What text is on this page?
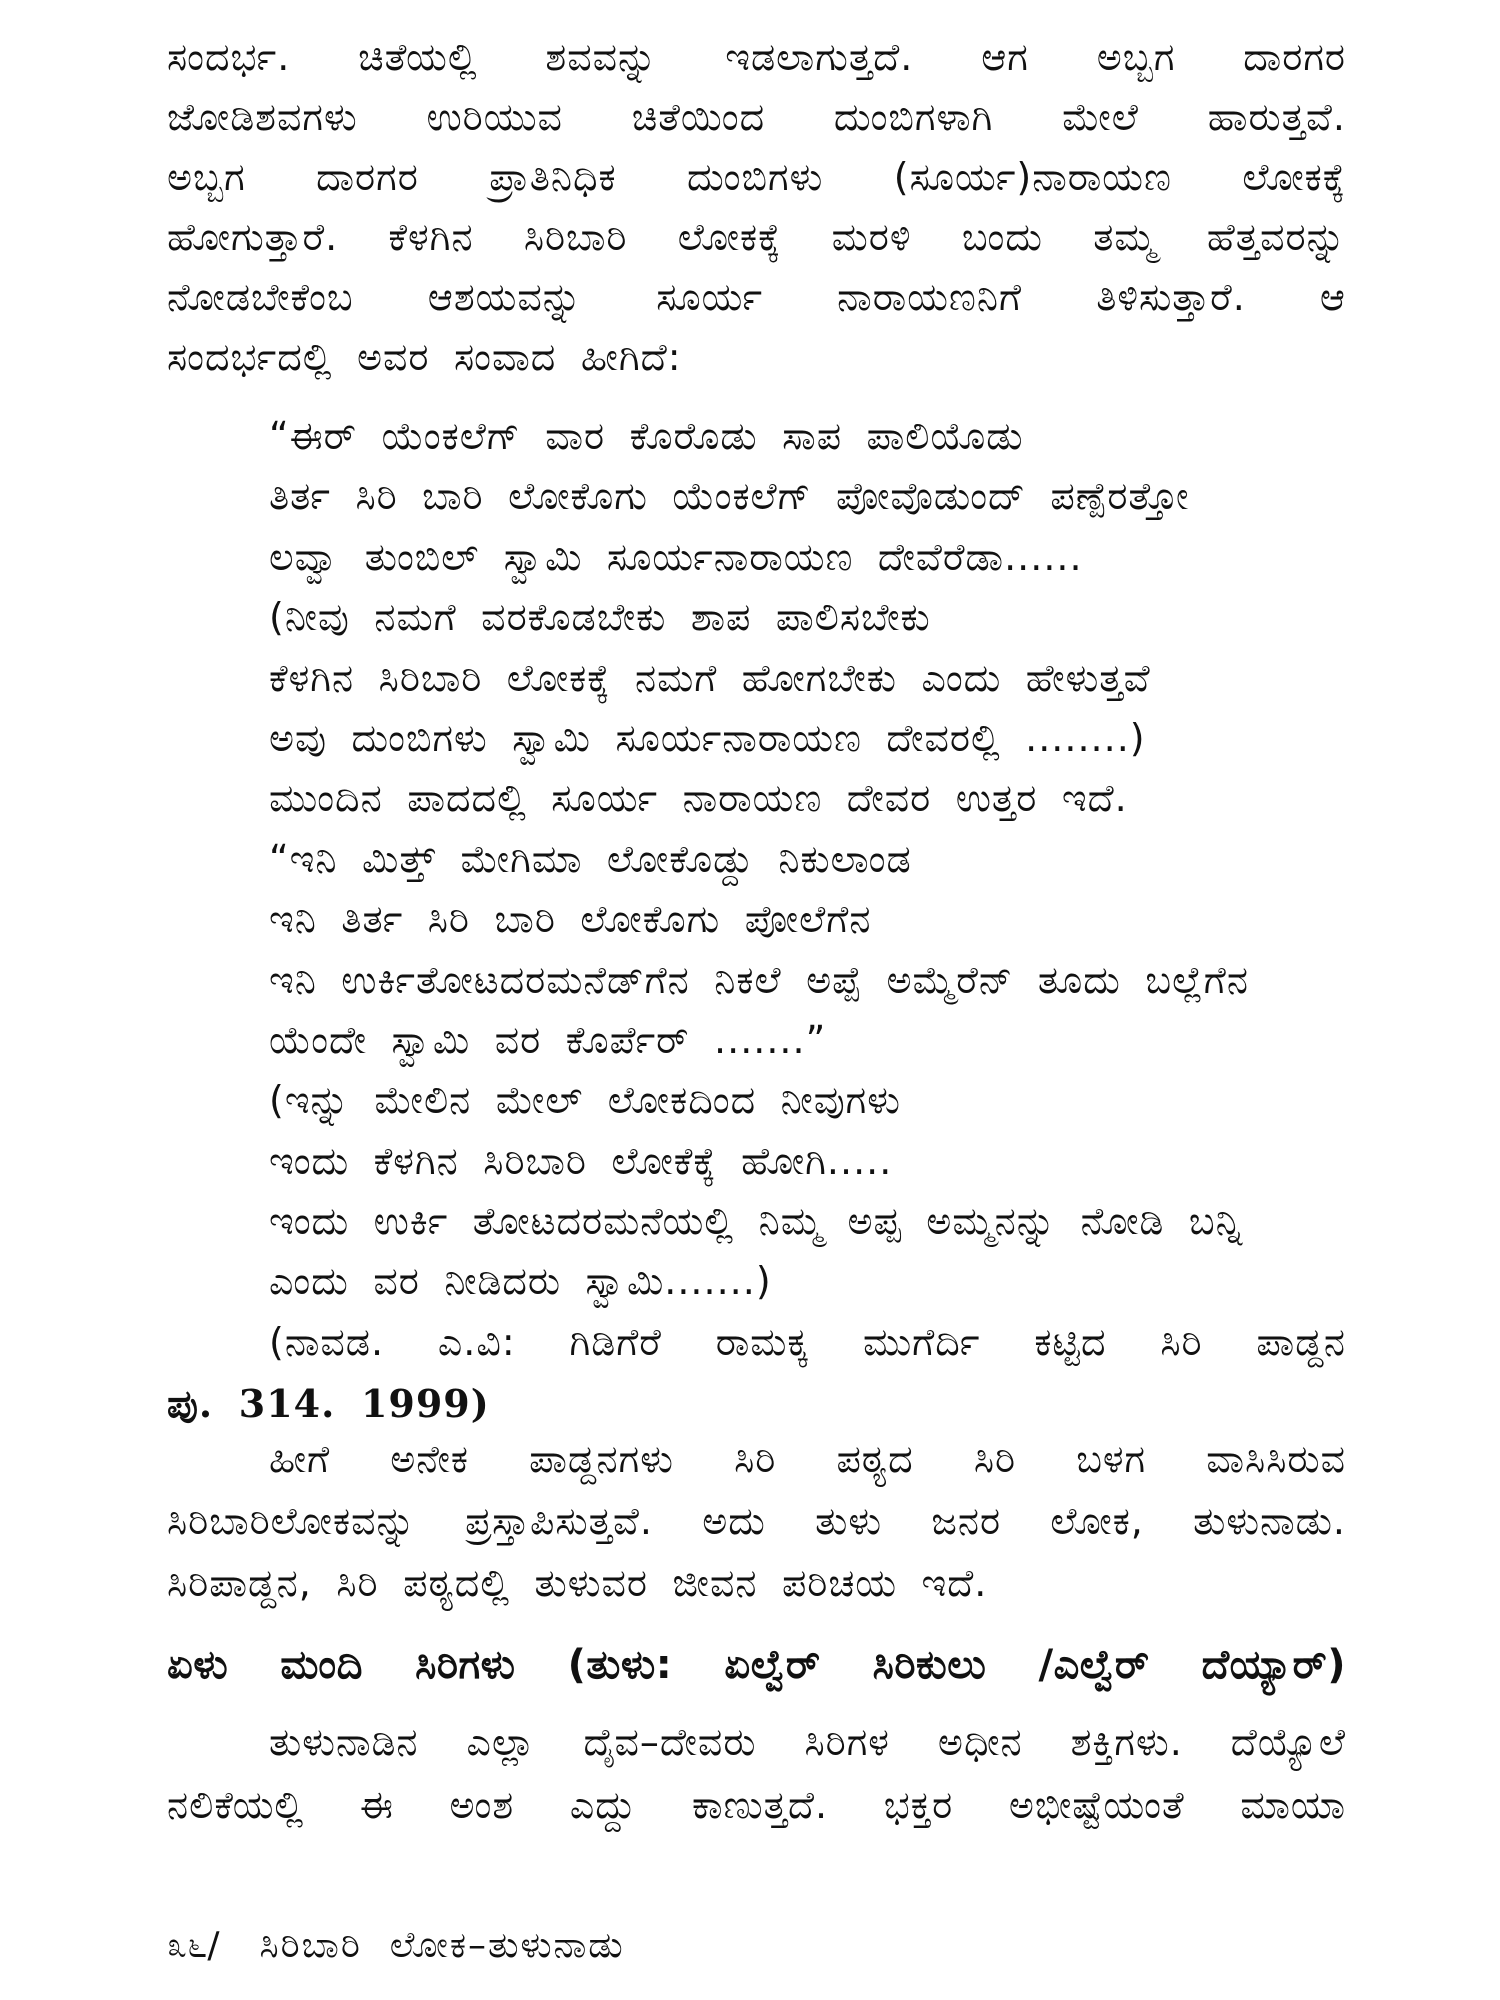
ಸಂದರ್ಭ. ಚಿತೆಯಲ್ಲಿ ಶವವನ್ನು ಇಡಲಾಗುತ್ತದೆ. ಆಗ ಅಬ್ಬಗ ದಾರಗರ
ಜೋಡಿಶವಗಳು ಉರಿಯುವ ಚಿತೆಯಿಂದ ದುಂಬಿಗಳಾಗಿ ಮೇಲೆ ಹಾರುತ್ತವೆ.
ಅಬ್ಬಗ ದಾರಗರ ಪ್ರಾತಿನಿಧಿಕ ದುಂಬಿಗಳು (ಸೂರ್ಯ)ನಾರಾಯಣ ಲೋಕಕ್ಕೆ
ಹೋಗುತ್ತಾರೆ. ಕೆಳಗಿನ ಸಿರಿಬಾರಿ ಲೋಕಕ್ಕೆ ಮರಳಿ ಬಂದು ತಮ್ಮ ಹೆತ್ತವರನ್ನು
ನೋಡಬೇಕೆಂಬ ಆಶಯವನ್ನು ಸೂರ್ಯ ನಾರಾಯಣನಿಗೆ ತಿಳಿಸುತ್ತಾರೆ. ಆ
ಸಂದರ್ಭದಲ್ಲಿ ಅವರ ಸಂವಾದ ಹೀಗಿದೆ:
“ಈರ್ ಯೆಂಕಲೆಗ್ ವಾರ ಕೊರೊಡು ಸಾಪ ಪಾಲಿಯೊಡು
ತಿರ್ತ ಸಿರಿ ಬಾರಿ ಲೋಕೊಗು ಯೆಂಕಲೆಗ್ ಪೋವೊಡುಂದ್ ಪಣ್ಪೆರತ್ತೋ
ಲವ್ವಾ ತುಂಬಿಲ್ ಸ್ವಾಮಿ ಸೂರ್ಯನಾರಾಯಣ ದೇವೆರೆಡಾ......
(ನೀವು ನಮಗೆ ವರಕೊಡಬೇಕು ಶಾಪ ಪಾಲಿಸಬೇಕು
ಕೆಳಗಿನ ಸಿರಿಬಾರಿ ಲೋಕಕ್ಕೆ ನಮಗೆ ಹೋಗಬೇಕು ಎಂದು ಹೇಳುತ್ತವೆ
ಅವು ದುಂಬಿಗಳು ಸ್ವಾಮಿ ಸೂರ್ಯನಾರಾಯಣ ದೇವರಲ್ಲಿ ........)
ಮುಂದಿನ ಪಾದದಲ್ಲಿ ಸೂರ್ಯ ನಾರಾಯಣ ದೇವರ ಉತ್ತರ ಇದೆ.
“ಇನಿ ಮಿತ್ತ್ ಮೇಗಿಮಾ ಲೋಕೊಡ್ದು ನಿಕುಲಾಂಡ
ಇನಿ ತಿರ್ತ ಸಿರಿ ಬಾರಿ ಲೋಕೊಗು ಪೋಲೆಗೆನ
ಇನಿ ಉರ್ಕಿತೋಟದರಮನೆಡ್‌ಗೆನ ನಿಕಲೆ ಅಪ್ಪೆ ಅಮ್ಮೆರೆನ್ ತೂದು ಬಲ್ಲೆಗೆನ
ಯೆಂದೇ ಸ್ವಾಮಿ ವರ ಕೊರ್ಪೆರ್ .......”
(ಇನ್ನು ಮೇಲಿನ ಮೇಲ್ ಲೋಕದಿಂದ ನೀವುಗಳು
ಇಂದು ಕೆಳಗಿನ ಸಿರಿಬಾರಿ ಲೋಕೆಕ್ಕೆ ಹೋಗಿ.....
ಇಂದು ಉರ್ಕಿ ತೋಟದರಮನೆಯಲ್ಲಿ ನಿಮ್ಮ ಅಪ್ಪ ಅಮ್ಮನನ್ನು ನೋಡಿ ಬನ್ನಿ
ಎಂದು ವರ ನೀಡಿದರು ಸ್ವಾಮಿ.......)
(ನಾವಡ. ಎ.ವಿ: ಗಿಡಿಗೆರೆ ರಾಮಕ್ಕ ಮುಗೆರ್ದಿ ಕಟ್ಟಿದ ಸಿರಿ ಪಾಡ್ದನ
ಪು. 314. 1999)
ಹೀಗೆ ಅನೇಕ ಪಾಡ್ದನಗಳು ಸಿರಿ ಪಠ್ಯದ ಸಿರಿ ಬಳಗ ವಾಸಿಸಿರುವ
ಸಿರಿಬಾರಿಲೋಕವನ್ನು ಪ್ರಸ್ತಾಪಿಸುತ್ತವೆ. ಅದು ತುಳು ಜನರ ಲೋಕ, ತುಳುನಾಡು.
ಸಿರಿಪಾಡ್ದನ, ಸಿರಿ ಪಠ್ಯದಲ್ಲಿ ತುಳುವರ ಜೀವನ ಪರಿಚಯ ಇದೆ.
ಏಳು ಮಂದಿ ಸಿರಿಗಳು (ತುಳು: ಏಲ್ವೆರ್ ಸಿರಿಕುಲು /ಎಲ್ವೆರ್ ದೆಯ್ಯಾರ್)
ತುಳುನಾಡಿನ ಎಲ್ಲಾ ದೈವ–ದೇವರು ಸಿರಿಗಳ ಅಧೀನ ಶಕ್ತಿಗಳು. ದೆಯ್ಯೊಲೆ
ನಲಿಕೆಯಲ್ಲಿ ಈ ಅಂಶ ಎದ್ದು ಕಾಣುತ್ತದೆ. ಭಕ್ತರ ಅಭೀಷ್ಟೆಯಂತೆ ಮಾಯಾ
೩೬/ ಸಿರಿಬಾರಿ ಲೋಕ–ತುಳುನಾಡು
